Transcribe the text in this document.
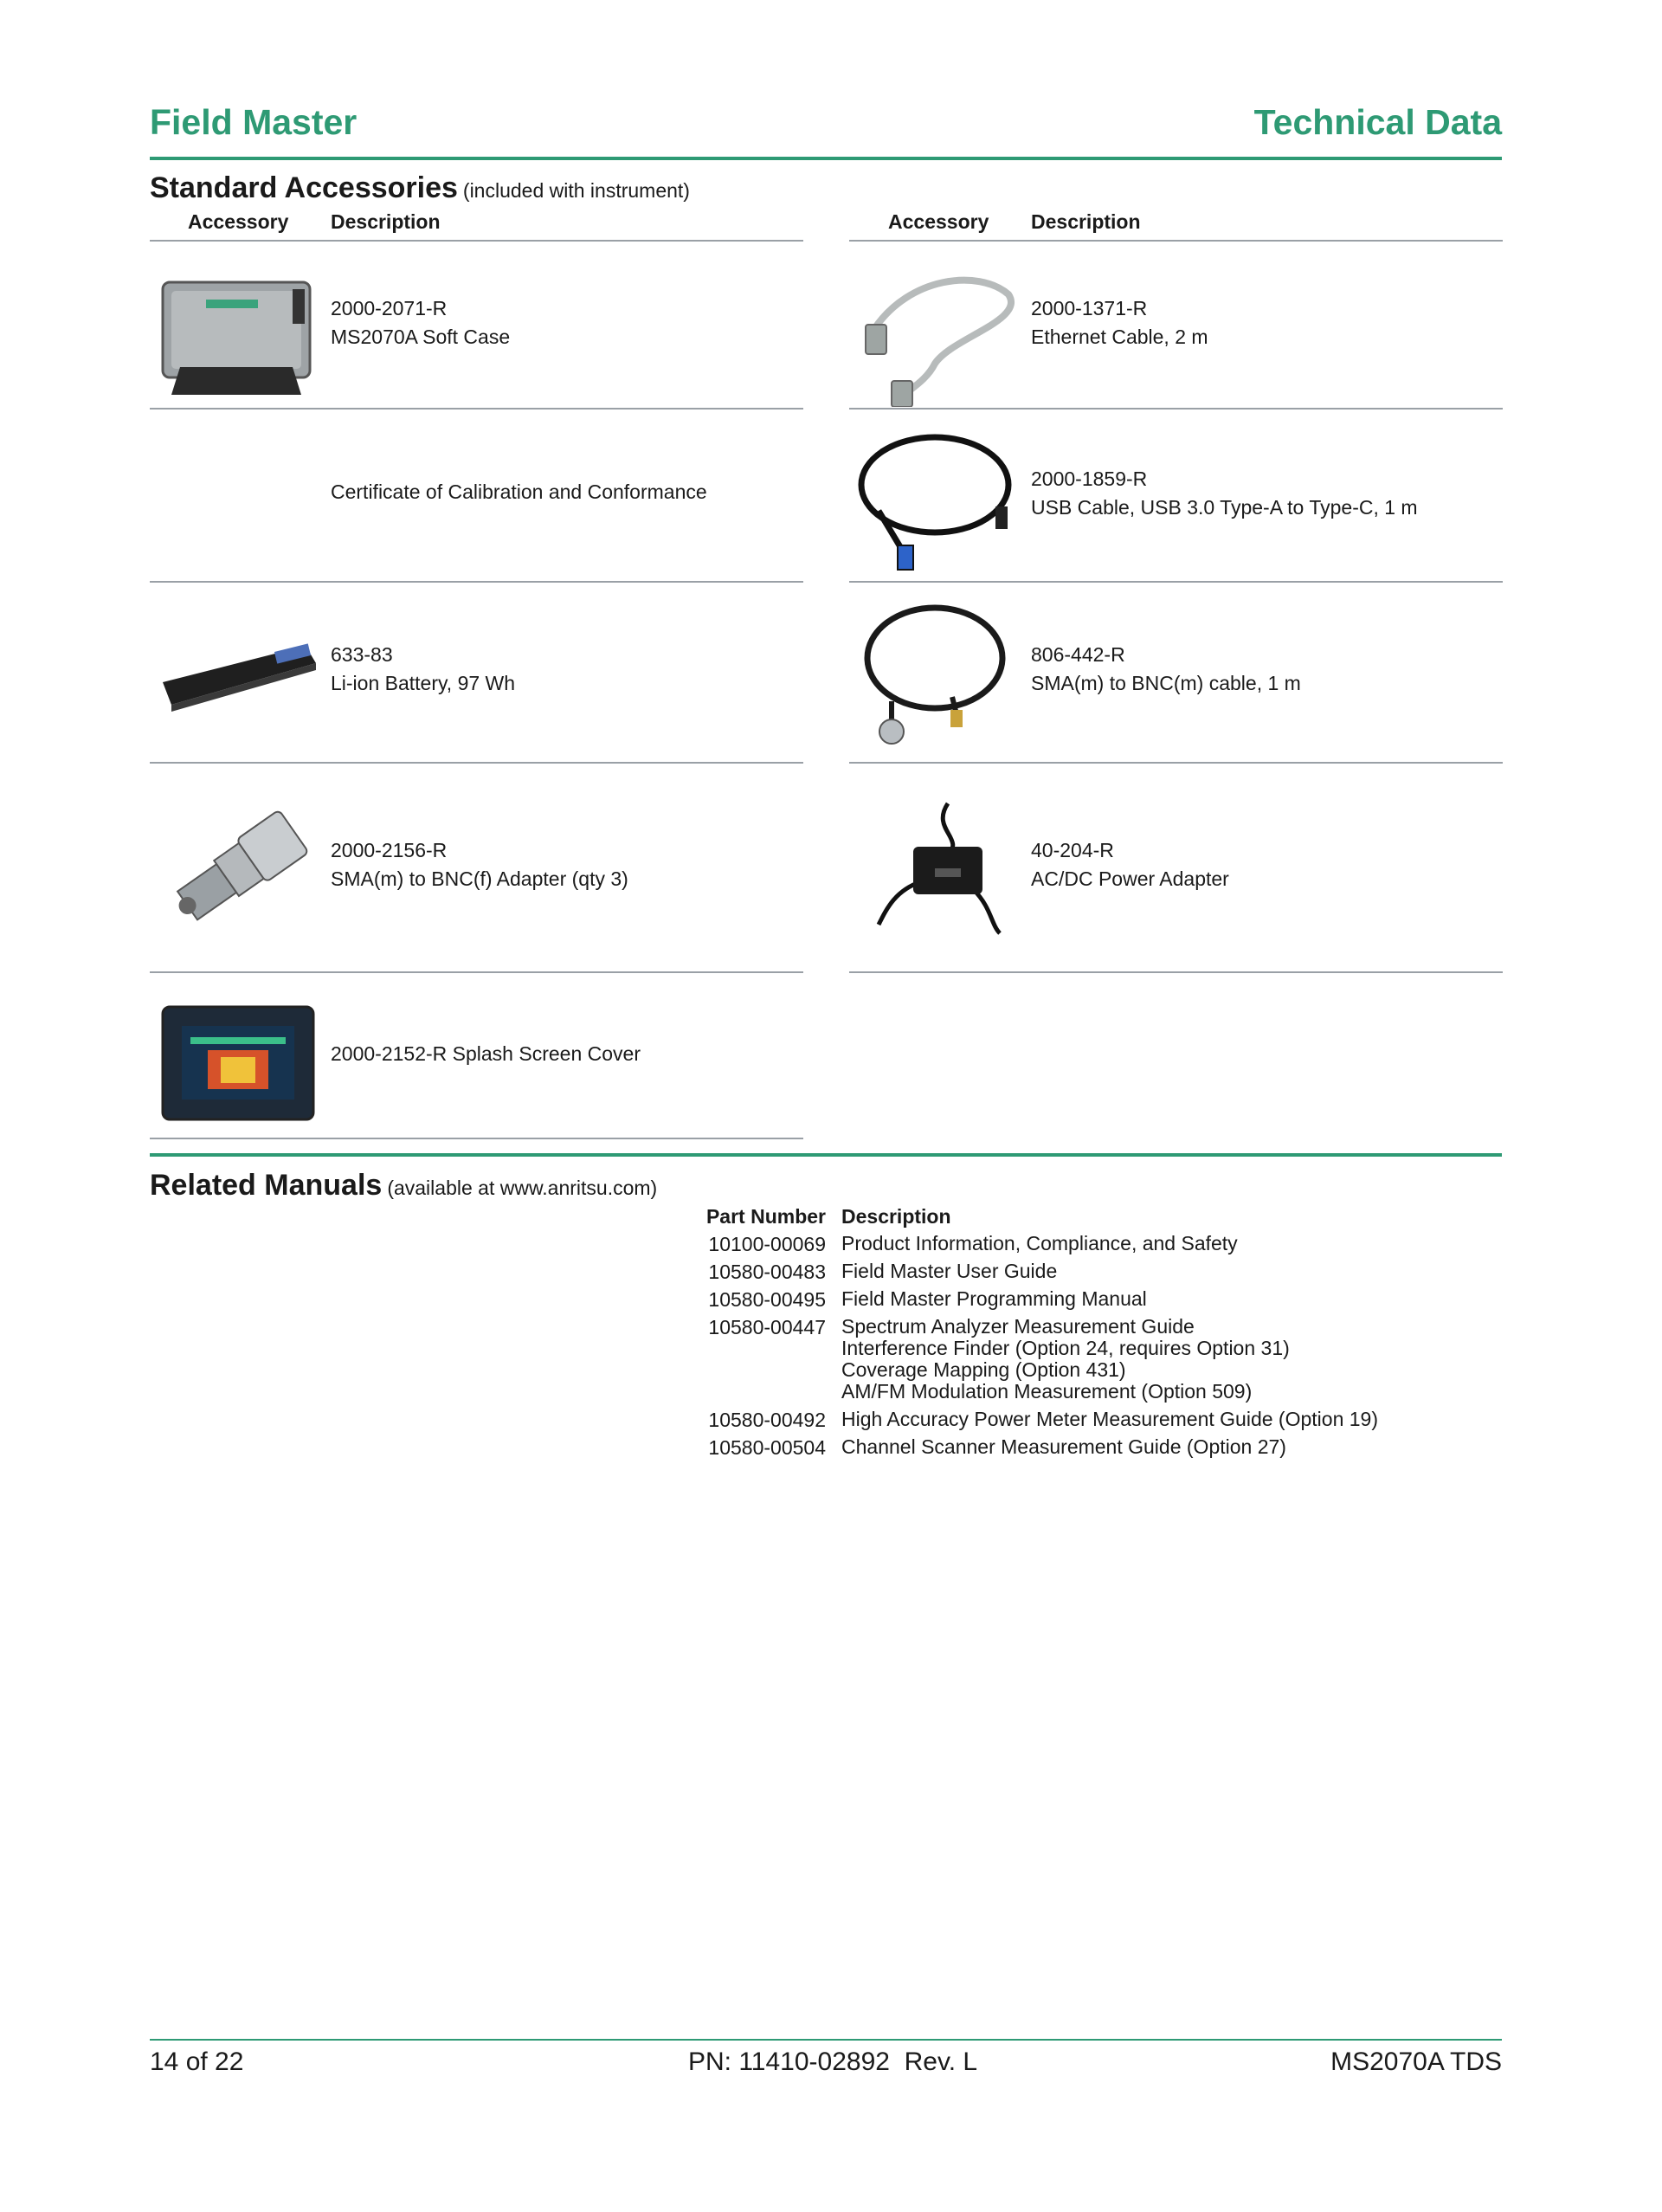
Field Master	Technical Data
Standard Accessories (included with instrument)
Accessory Description	Accessory Description
2000-2071-R
MS2070A Soft Case
Certificate of Calibration and Conformance
633-83
Li-ion Battery, 97 Wh
2000-2156-R
SMA(m) to BNC(f) Adapter (qty 3)
2000-2152-R Splash Screen Cover
2000-1371-R
Ethernet Cable, 2 m
2000-1859-R
USB Cable, USB 3.0 Type-A to Type-C, 1 m
806-442-R
SMA(m) to BNC(m) cable, 1 m
40-204-R
AC/DC Power Adapter
Related Manuals (available at www.anritsu.com)
Part Number Description
10100-00069 Product Information, Compliance, and Safety
10580-00483 Field Master User Guide
10580-00495 Field Master Programming Manual
10580-00447 Spectrum Analyzer Measurement Guide
Interference Finder (Option 24, requires Option 31)
Coverage Mapping (Option 431)
AM/FM Modulation Measurement (Option 509)
10580-00492 High Accuracy Power Meter Measurement Guide (Option 19)
10580-00504 Channel Scanner Measurement Guide (Option 27)
14 of 22	PN: 11410-02892  Rev. L	MS2070A TDS
